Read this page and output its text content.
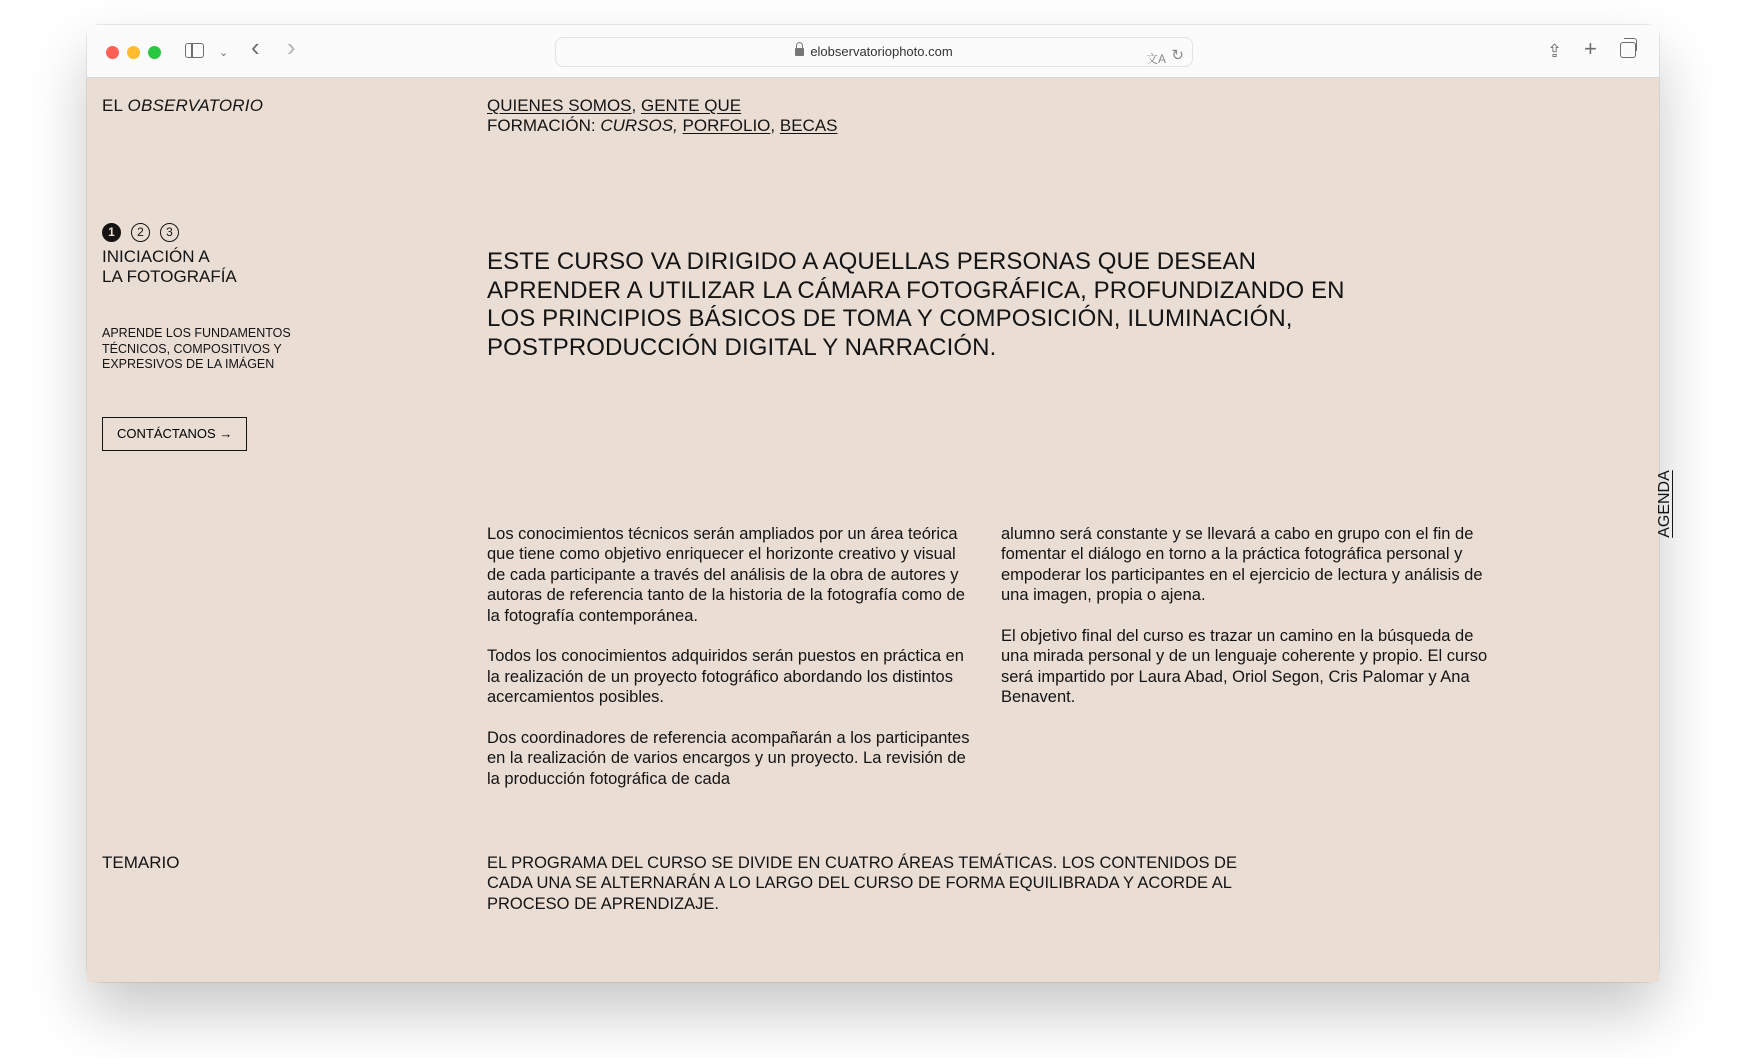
⌄ ‹ ›	elobservatoriophoto.com	文A ↻	⇪ +
EL OBSERVATORIO	QUIENES SOMOS, GENTE QUE
FORMACIÓN: CURSOS, PORFOLIO, BECAS
1	2	3
INICIACIÓN A
LA FOTOGRAFÍA
APRENDE LOS FUNDAMENTOS TÉCNICOS, COMPOSITIVOS Y EXPRESIVOS DE LA IMÁGEN
CONTÁCTANOS →
ESTE CURSO VA DIRIGIDO A AQUELLAS PERSONAS QUE DESEAN APRENDER A UTILIZAR LA CÁMARA FOTOGRÁFICA, PROFUNDIZANDO EN LOS PRINCIPIOS BÁSICOS DE TOMA Y COMPOSICIÓN, ILUMINACIÓN, POSTPRODUCCIÓN DIGITAL Y NARRACIÓN.

Los conocimientos técnicos serán ampliados por un área teórica que tiene como objetivo enriquecer el horizonte creativo y visual de cada participante a través del análisis de la obra de autores y autoras de referencia tanto de la historia de la fotografía como de la fotografía contemporánea.

Todos los conocimientos adquiridos serán puestos en práctica en la realización de un proyecto fotográfico abordando los distintos acercamientos posibles.

Dos coordinadores de referencia acompañarán a los participantes en la realización de varios encargos y un proyecto. La revisión de la producción fotográfica de cada

alumno será constante y se llevará a cabo en grupo con el fin de fomentar el diálogo en torno a la práctica fotográfica personal y empoderar los participantes en el ejercicio de lectura y análisis de una imagen, propia o ajena.

El objetivo final del curso es trazar un camino en la búsqueda de una mirada personal y de un lenguaje coherente y propio. El curso será impartido por Laura Abad, Oriol Segon, Cris Palomar y Ana Benavent.

AGENDA
TEMARIO	EL PROGRAMA DEL CURSO SE DIVIDE EN CUATRO ÁREAS TEMÁTICAS. LOS CONTENIDOS DE CADA UNA SE ALTERNARÁN A LO LARGO DEL CURSO DE FORMA EQUILIBRADA Y ACORDE AL PROCESO DE APRENDIZAJE.
